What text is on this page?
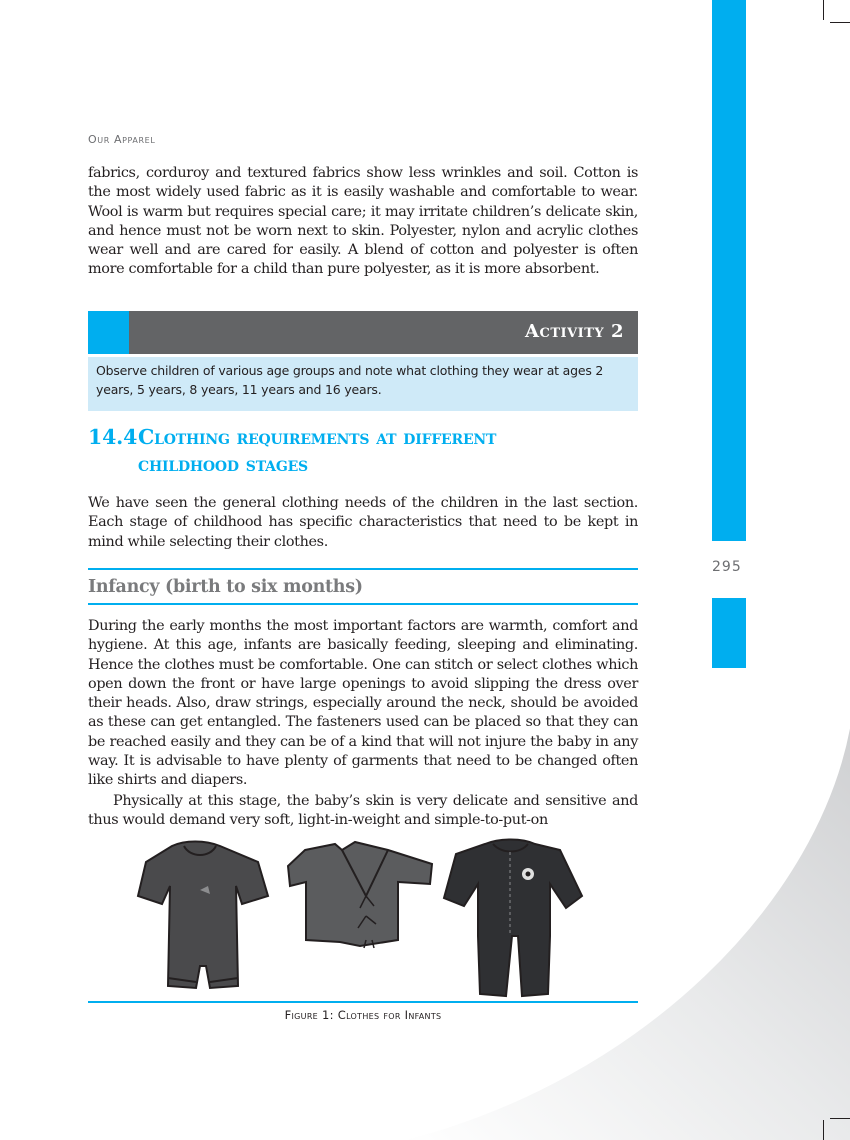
295
Our Apparel

fabrics, corduroy and textured fabrics show less wrinkles and soil. Cotton is the most widely used fabric as it is easily washable and comfortable to wear. Wool is warm but requires special care; it may irritate children’s delicate skin, and hence must not be worn next to skin. Polyester, nylon and acrylic clothes wear well and are cared for easily. A blend of cotton and polyester is often more comfortable for a child than pure polyester, as it is more absorbent.

Activity 2
Observe children of various age groups and note what clothing they wear at ages 2 years, 5 years, 8 years, 11 years and 16 years.
14.4Clothing requirements at different
childhood stages

We have seen the general clothing needs of the children in the last section. Each stage of childhood has specific characteristics that need to be kept in mind while selecting their clothes.

Infancy (birth to six months)

During the early months the most important factors are warmth, comfort and hygiene. At this age, infants are basically feeding, sleeping and eliminating. Hence the clothes must be comfortable. One can stitch or select clothes which open down the front or have large openings to avoid slipping the dress over their heads. Also, draw strings, especially around the neck, should be avoided as these can get entangled. The fasteners used can be placed so that they can be reached easily and they can be of a kind that will not injure the baby in any way. It is advisable to have plenty of garments that need to be changed often like shirts and diapers.

Physically at this stage, the baby’s skin is very delicate and sensitive and thus would demand very soft, light-in-weight and simple-to-put-on

Figure 1: Clothes for Infants
